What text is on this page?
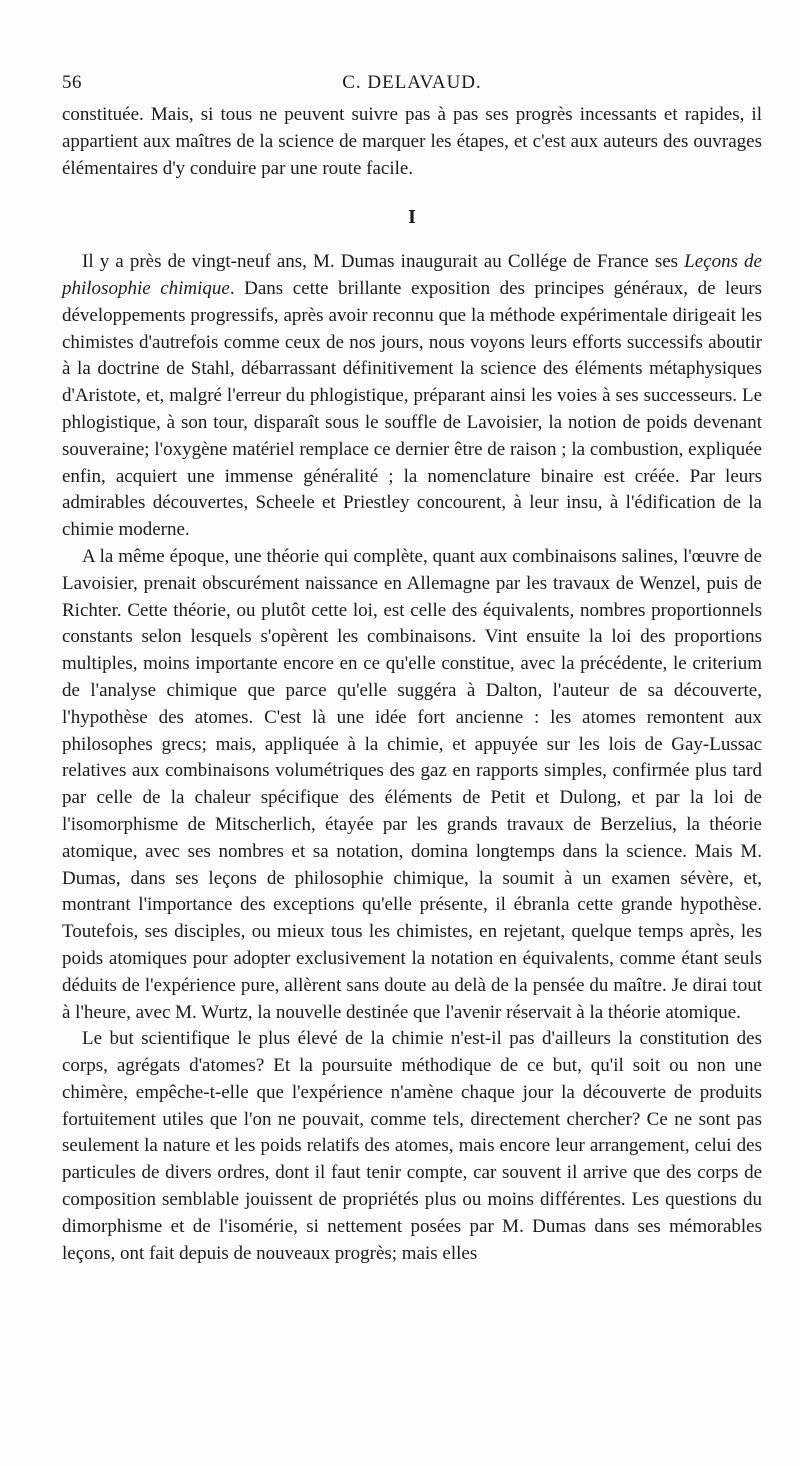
56	C. DELAVAUD.

constituée. Mais, si tous ne peuvent suivre pas à pas ses progrès incessants et rapides, il appartient aux maîtres de la science de marquer les étapes, et c'est aux auteurs des ouvrages élémentaires d'y conduire par une route facile.

I

Il y a près de vingt-neuf ans, M. Dumas inaugurait au Collége de France ses Leçons de philosophie chimique. Dans cette brillante exposition des principes généraux, de leurs développements progressifs, après avoir reconnu que la méthode expérimentale dirigeait les chimistes d'autrefois comme ceux de nos jours, nous voyons leurs efforts successifs aboutir à la doctrine de Stahl, débarrassant définitivement la science des éléments métaphysiques d'Aristote, et, malgré l'erreur du phlogistique, préparant ainsi les voies à ses successeurs. Le phlogistique, à son tour, disparaît sous le souffle de Lavoisier, la notion de poids devenant souveraine; l'oxygène matériel remplace ce dernier être de raison ; la combustion, expliquée enfin, acquiert une immense généralité ; la nomenclature binaire est créée. Par leurs admirables découvertes, Scheele et Priestley concourent, à leur insu, à l'édification de la chimie moderne.

A la même époque, une théorie qui complète, quant aux combinaisons salines, l'œuvre de Lavoisier, prenait obscurément naissance en Allemagne par les travaux de Wenzel, puis de Richter. Cette théorie, ou plutôt cette loi, est celle des équivalents, nombres proportionnels constants selon lesquels s'opèrent les combinaisons. Vint ensuite la loi des proportions multiples, moins importante encore en ce qu'elle constitue, avec la précédente, le criterium de l'analyse chimique que parce qu'elle suggéra à Dalton, l'auteur de sa découverte, l'hypothèse des atomes. C'est là une idée fort ancienne : les atomes remontent aux philosophes grecs; mais, appliquée à la chimie, et appuyée sur les lois de Gay-Lussac relatives aux combinaisons volumétriques des gaz en rapports simples, confirmée plus tard par celle de la chaleur spécifique des éléments de Petit et Dulong, et par la loi de l'isomorphisme de Mitscherlich, étayée par les grands travaux de Berzelius, la théorie atomique, avec ses nombres et sa notation, domina longtemps dans la science. Mais M. Dumas, dans ses leçons de philosophie chimique, la soumit à un examen sévère, et, montrant l'importance des exceptions qu'elle présente, il ébranla cette grande hypothèse. Toutefois, ses disciples, ou mieux tous les chimistes, en rejetant, quelque temps après, les poids atomiques pour adopter exclusivement la notation en équivalents, comme étant seuls déduits de l'expérience pure, allèrent sans doute au delà de la pensée du maître. Je dirai tout à l'heure, avec M. Wurtz, la nouvelle destinée que l'avenir réservait à la théorie atomique.

Le but scientifique le plus élevé de la chimie n'est-il pas d'ailleurs la constitution des corps, agrégats d'atomes? Et la poursuite méthodique de ce but, qu'il soit ou non une chimère, empêche-t-elle que l'expérience n'amène chaque jour la découverte de produits fortuitement utiles que l'on ne pouvait, comme tels, directement chercher? Ce ne sont pas seulement la nature et les poids relatifs des atomes, mais encore leur arrangement, celui des particules de divers ordres, dont il faut tenir compte, car souvent il arrive que des corps de composition semblable jouissent de propriétés plus ou moins différentes. Les questions du dimorphisme et de l'isomérie, si nettement posées par M. Dumas dans ses mémorables leçons, ont fait depuis de nouveaux progrès; mais elles
